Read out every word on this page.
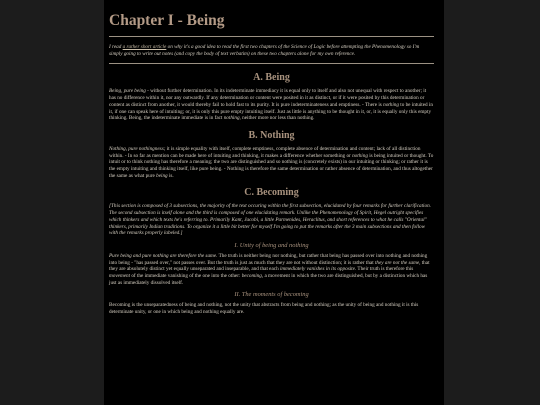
Chapter I - Being

I read a rather short article on why it's a good idea to read the first two chapters of the Science of Logic before attempting the Phenomenology so I'm simply going to write out notes (and copy the body of text verbatim) on these two chapters alone for my own reference.

A. Being

Being, pure being - without further determination. In its indeterminate immediacy it is equal only to itself and also not unequal with respect to another; it has no difference within it, nor any outwardly. If any determination or content were posited in it as distinct, or if it were posited by this determination or content as distinct from another, it would thereby fail to hold fast to its purity. It is pure indeterminateness and emptiness. - There is nothing to be intuited in it, if one can speak here of intuiting; or, it is only this pure empty intuiting itself. Just as little is anything to be thought in it, or, it is equally only this empty thinking. Being, the indeterminate immediate is in fact nothing, neither more nor less than nothing.

B. Nothing

Nothing, pure nothingness; it is simple equality with itself, complete emptiness, complete absence of determination and content; lack of all distinction within. - In so far as mention can be made here of intuiting and thinking, it makes a difference whether something or nothing is being intuited or thought. To intuit or to think nothing has therefore a meaning; the two are distinguished and so nothing is (concretely exists) in our intuiting or thinking; or rather it is the empty intuiting and thinking itself, like pure being. - Nothing is therefore the same determination or rather absence of determination, and thus altogether the same as what pure being is.

C. Becoming

[This section is composed of 3 subsections, the majority of the text occuring within the first subsection, elucidated by four remarks for further clarification. The second subsection is itself alone and the third is composed of one elucidating remark. Unlike the Phenomenology of Spirit, Hegel outright specifies which thinkers and which texts he's referring to. Primarily Kant, Jacobi, a little Parmenides, Heraclitus, and short references to what he calls "Oriental" thinkers, primarily Indian traditions. To organize it a little bit better for myself I'm going to put the remarks after the 3 main subsections and then follow with the remarks properly labeled.]

I. Unity of being and nothing

Pure being and pure nothing are therefore the same. The truth is neither being nor nothing, but rather that being has passed over into nothing and nothing into being - "has passed over," not passes over. But the truth is just as much that they are not without distinction; it is rather that they are not the same, that they are absolutely distinct yet equally unseparated and inseparable, and that each immediately vanishes in its opposite. Their truth is therefore this movement of the immediate vanishing of the one into the other: becoming, a movement in which the two are distinguished, but by a distinction which has just as immediately dissolved itself.

II. The moments of becoming

Becoming is the unseparatedness of being and nothing, not the unity that abstracts from being and nothing; as the unity of being and nothing it is this determinate unity, or one in which being and nothing equally are.
